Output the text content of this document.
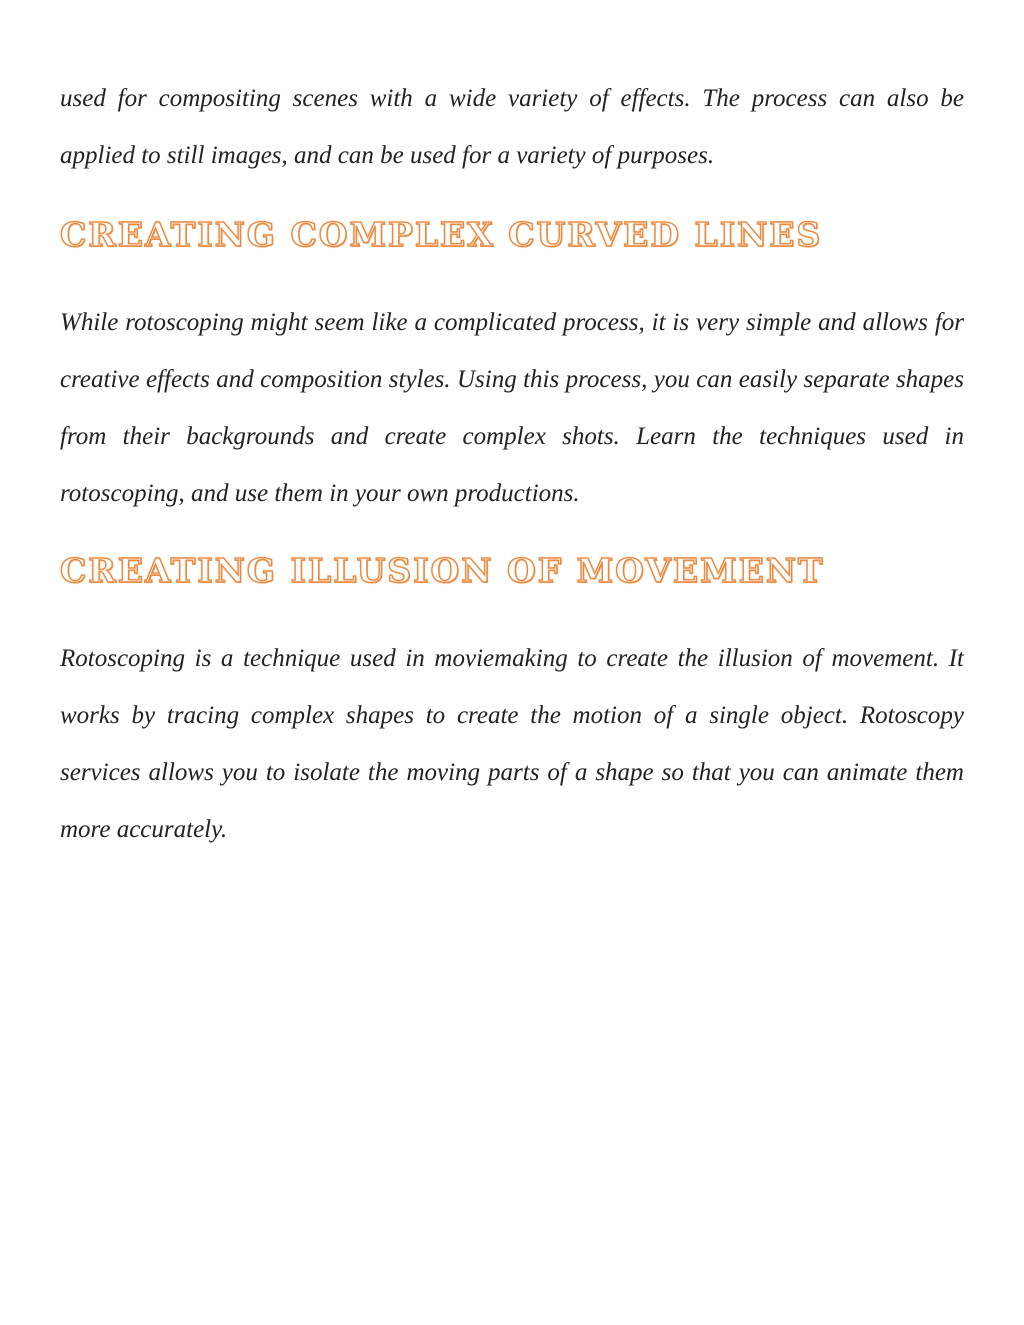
used for compositing scenes with a wide variety of effects. The process can also be applied to still images, and can be used for a variety of purposes.

CREATING COMPLEX CURVED LINES

While rotoscoping might seem like a complicated process, it is very simple and allows for creative effects and composition styles. Using this process, you can easily separate shapes from their backgrounds and create complex shots. Learn the techniques used in rotoscoping, and use them in your own productions.

CREATING ILLUSION OF MOVEMENT

Rotoscoping is a technique used in moviemaking to create the illusion of movement. It works by tracing complex shapes to create the motion of a single object. Rotoscopy services allows you to isolate the moving parts of a shape so that you can animate them more accurately.
